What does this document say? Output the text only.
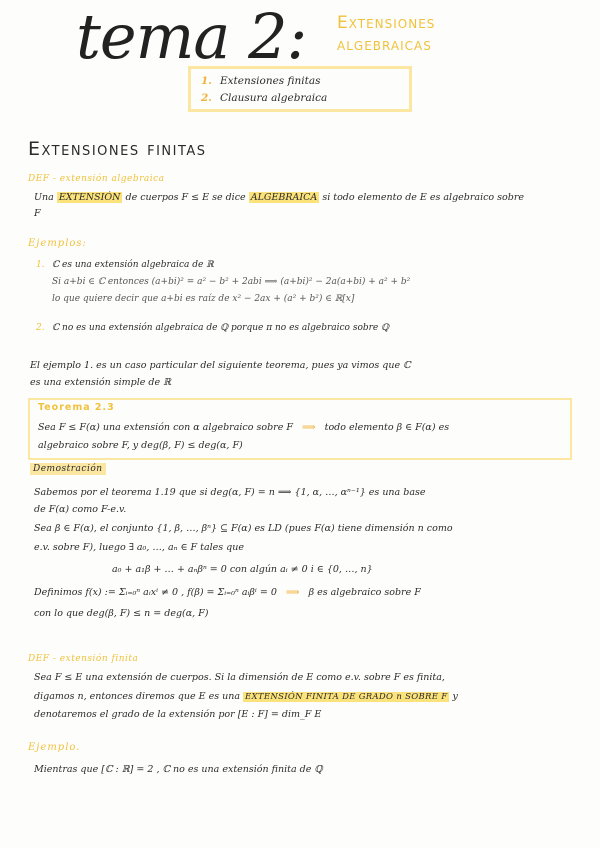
tema 2: Extensiones
algebraicas
1. Extensiones finitas
2. Clausura algebraica
Extensiones finitas
DEF - extensión algebraica
Una EXTENSIÓN de cuerpos F ≤ E se dice ALGEBRAICA si todo elemento de E es algebraico sobre
F
Ejemplos:
1. ℂ es una extensión algebraica de ℝ
Si a+bi ∈ ℂ entonces (a+bi)² = a² − b² + 2abi ⟹ (a+bi)² − 2a(a+bi) + a² + b²
lo que quiere decir que a+bi es raíz de x² − 2ax + (a² + b²) ∈ ℝ[x]
2. ℂ no es una extensión algebraica de ℚ porque π no es algebraico sobre ℚ
El ejemplo 1. es un caso particular del siguiente teorema, pues ya vimos que ℂ
es una extensión simple de ℝ
Teorema 2.3
Sea F ≤ F(α) una extensión con α algebraico sobre F ⟹ todo elemento β ∈ F(α) es
algebraico sobre F, y deg(β, F) ≤ deg(α, F)
Demostración
Sabemos por el teorema 1.19 que si deg(α, F) = n ⟹ {1, α, …, αⁿ⁻¹} es una base
de F(α) como F-e.v.
Sea β ∈ F(α), el conjunto {1, β, …, βⁿ} ⊆ F(α) es LD (pues F(α) tiene dimensión n como
e.v. sobre F), luego ∃ a₀, …, aₙ ∈ F tales que
a₀ + a₁β + … + aₙβⁿ = 0 con algún aᵢ ≠ 0 i ∈ {0, …, n}
Definimos f(x) := Σᵢ₌₀ⁿ aᵢxⁱ ≠ 0 , f(β) = Σᵢ₌₀ⁿ aᵢβⁱ = 0 ⟹ β es algebraico sobre F
con lo que deg(β, F) ≤ n = deg(α, F)
DEF - extensión finita
Sea F ≤ E una extensión de cuerpos. Si la dimensión de E como e.v. sobre F es finita,
digamos n, entonces diremos que E es una EXTENSIÓN FINITA DE GRADO n SOBRE F y
denotaremos el grado de la extensión por [E : F] = dim_F E
Ejemplo.
Mientras que [ℂ : ℝ] = 2 , ℂ no es una extensión finita de ℚ
